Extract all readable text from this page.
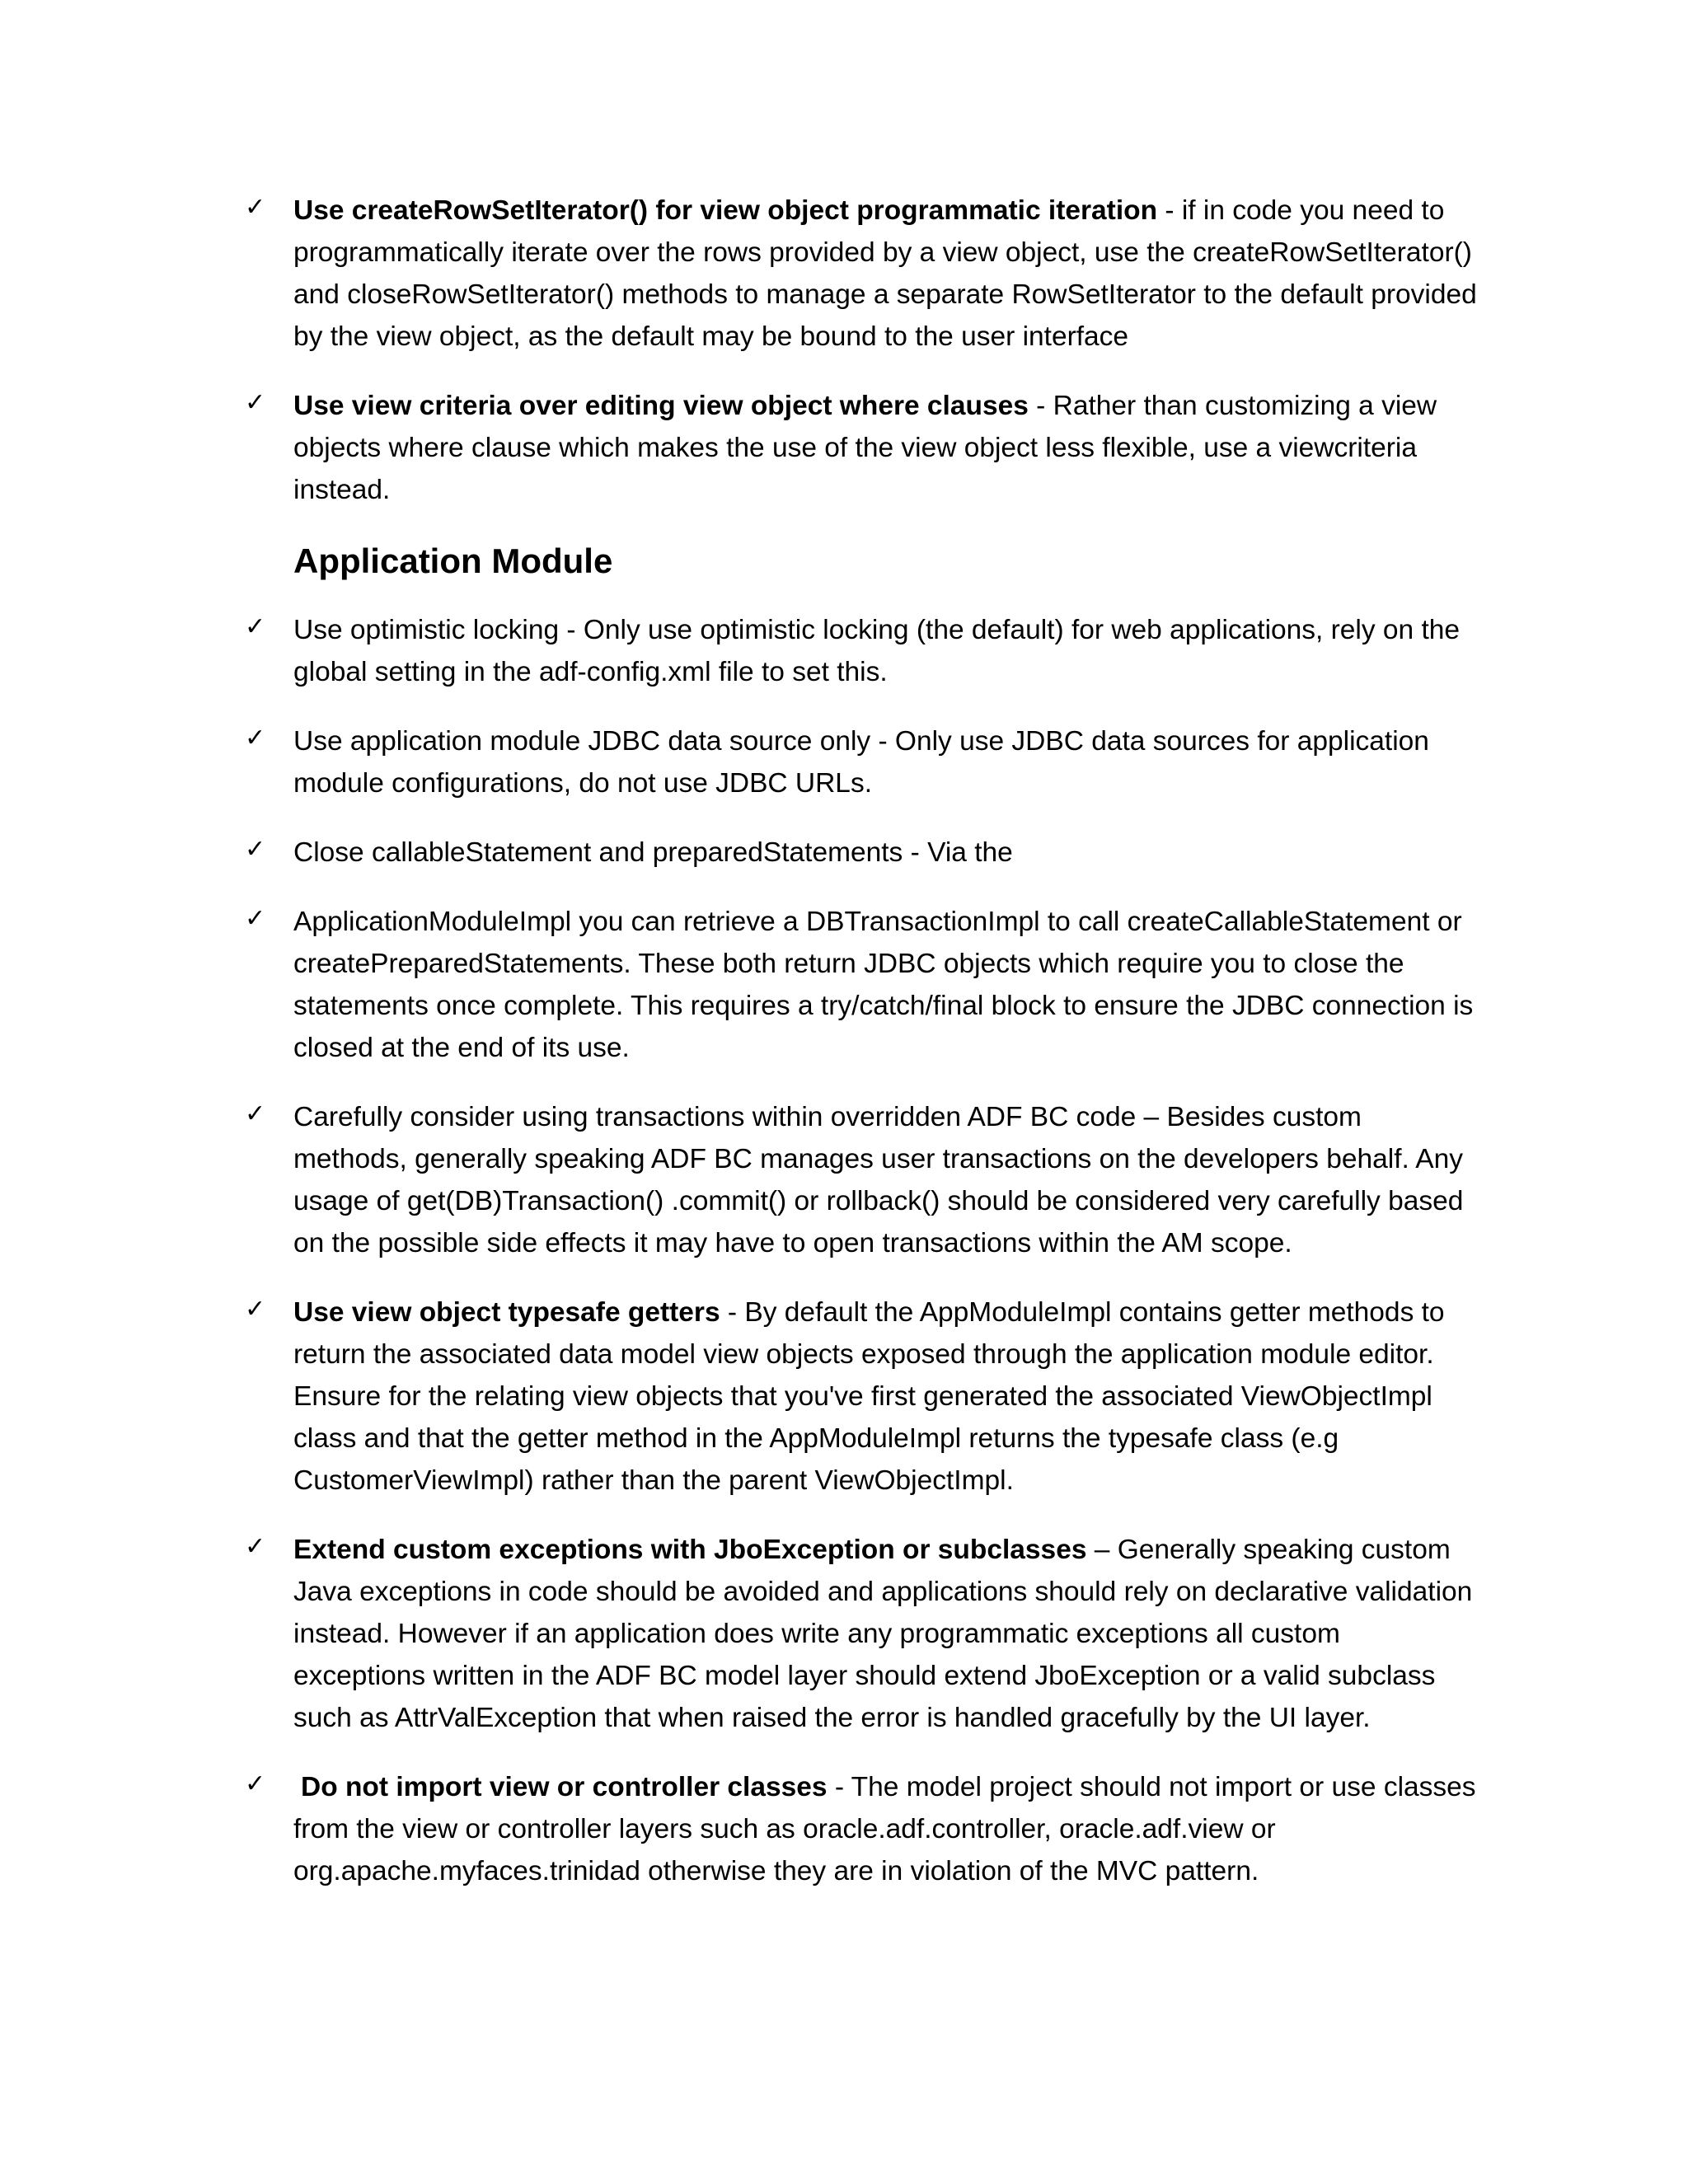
✓ Use createRowSetIterator() for view object programmatic iteration - if in code you need to programmatically iterate over the rows provided by a view object, use the createRowSetIterator() and closeRowSetIterator() methods to manage a separate RowSetIterator to the default provided by the view object, as the default may be bound to the user interface
✓ Use view criteria over editing view object where clauses - Rather than customizing a view objects where clause which makes the use of the view object less flexible, use a viewcriteria instead.
Application Module
✓ Use optimistic locking - Only use optimistic locking (the default) for web applications, rely on the global setting in the adf-config.xml file to set this.
✓ Use application module JDBC data source only - Only use JDBC data sources for application module configurations, do not use JDBC URLs.
✓ Close callableStatement and preparedStatements - Via the
✓ ApplicationModuleImpl you can retrieve a DBTransactionImpl to call createCallableStatement or createPreparedStatements. These both return JDBC objects which require you to close the statements once complete. This requires a try/catch/final block to ensure the JDBC connection is closed at the end of its use.
✓ Carefully consider using transactions within overridden ADF BC code – Besides custom methods, generally speaking ADF BC manages user transactions on the developers behalf. Any usage of get(DB)Transaction() .commit() or rollback() should be considered very carefully based on the possible side effects it may have to open transactions within the AM scope.
✓ Use view object typesafe getters - By default the AppModuleImpl contains getter methods to return the associated data model view objects exposed through the application module editor. Ensure for the relating view objects that you've first generated the associated ViewObjectImpl class and that the getter method in the AppModuleImpl returns the typesafe class (e.g CustomerViewImpl) rather than the parent ViewObjectImpl.
✓ Extend custom exceptions with JboException or subclasses – Generally speaking custom Java exceptions in code should be avoided and applications should rely on declarative validation instead. However if an application does write any programmatic exceptions all custom exceptions written in the ADF BC model layer should extend JboException or a valid subclass such as AttrValException that when raised the error is handled gracefully by the UI layer.
✓ Do not import view or controller classes - The model project should not import or use classes from the view or controller layers such as oracle.adf.controller, oracle.adf.view or org.apache.myfaces.trinidad otherwise they are in violation of the MVC pattern.
